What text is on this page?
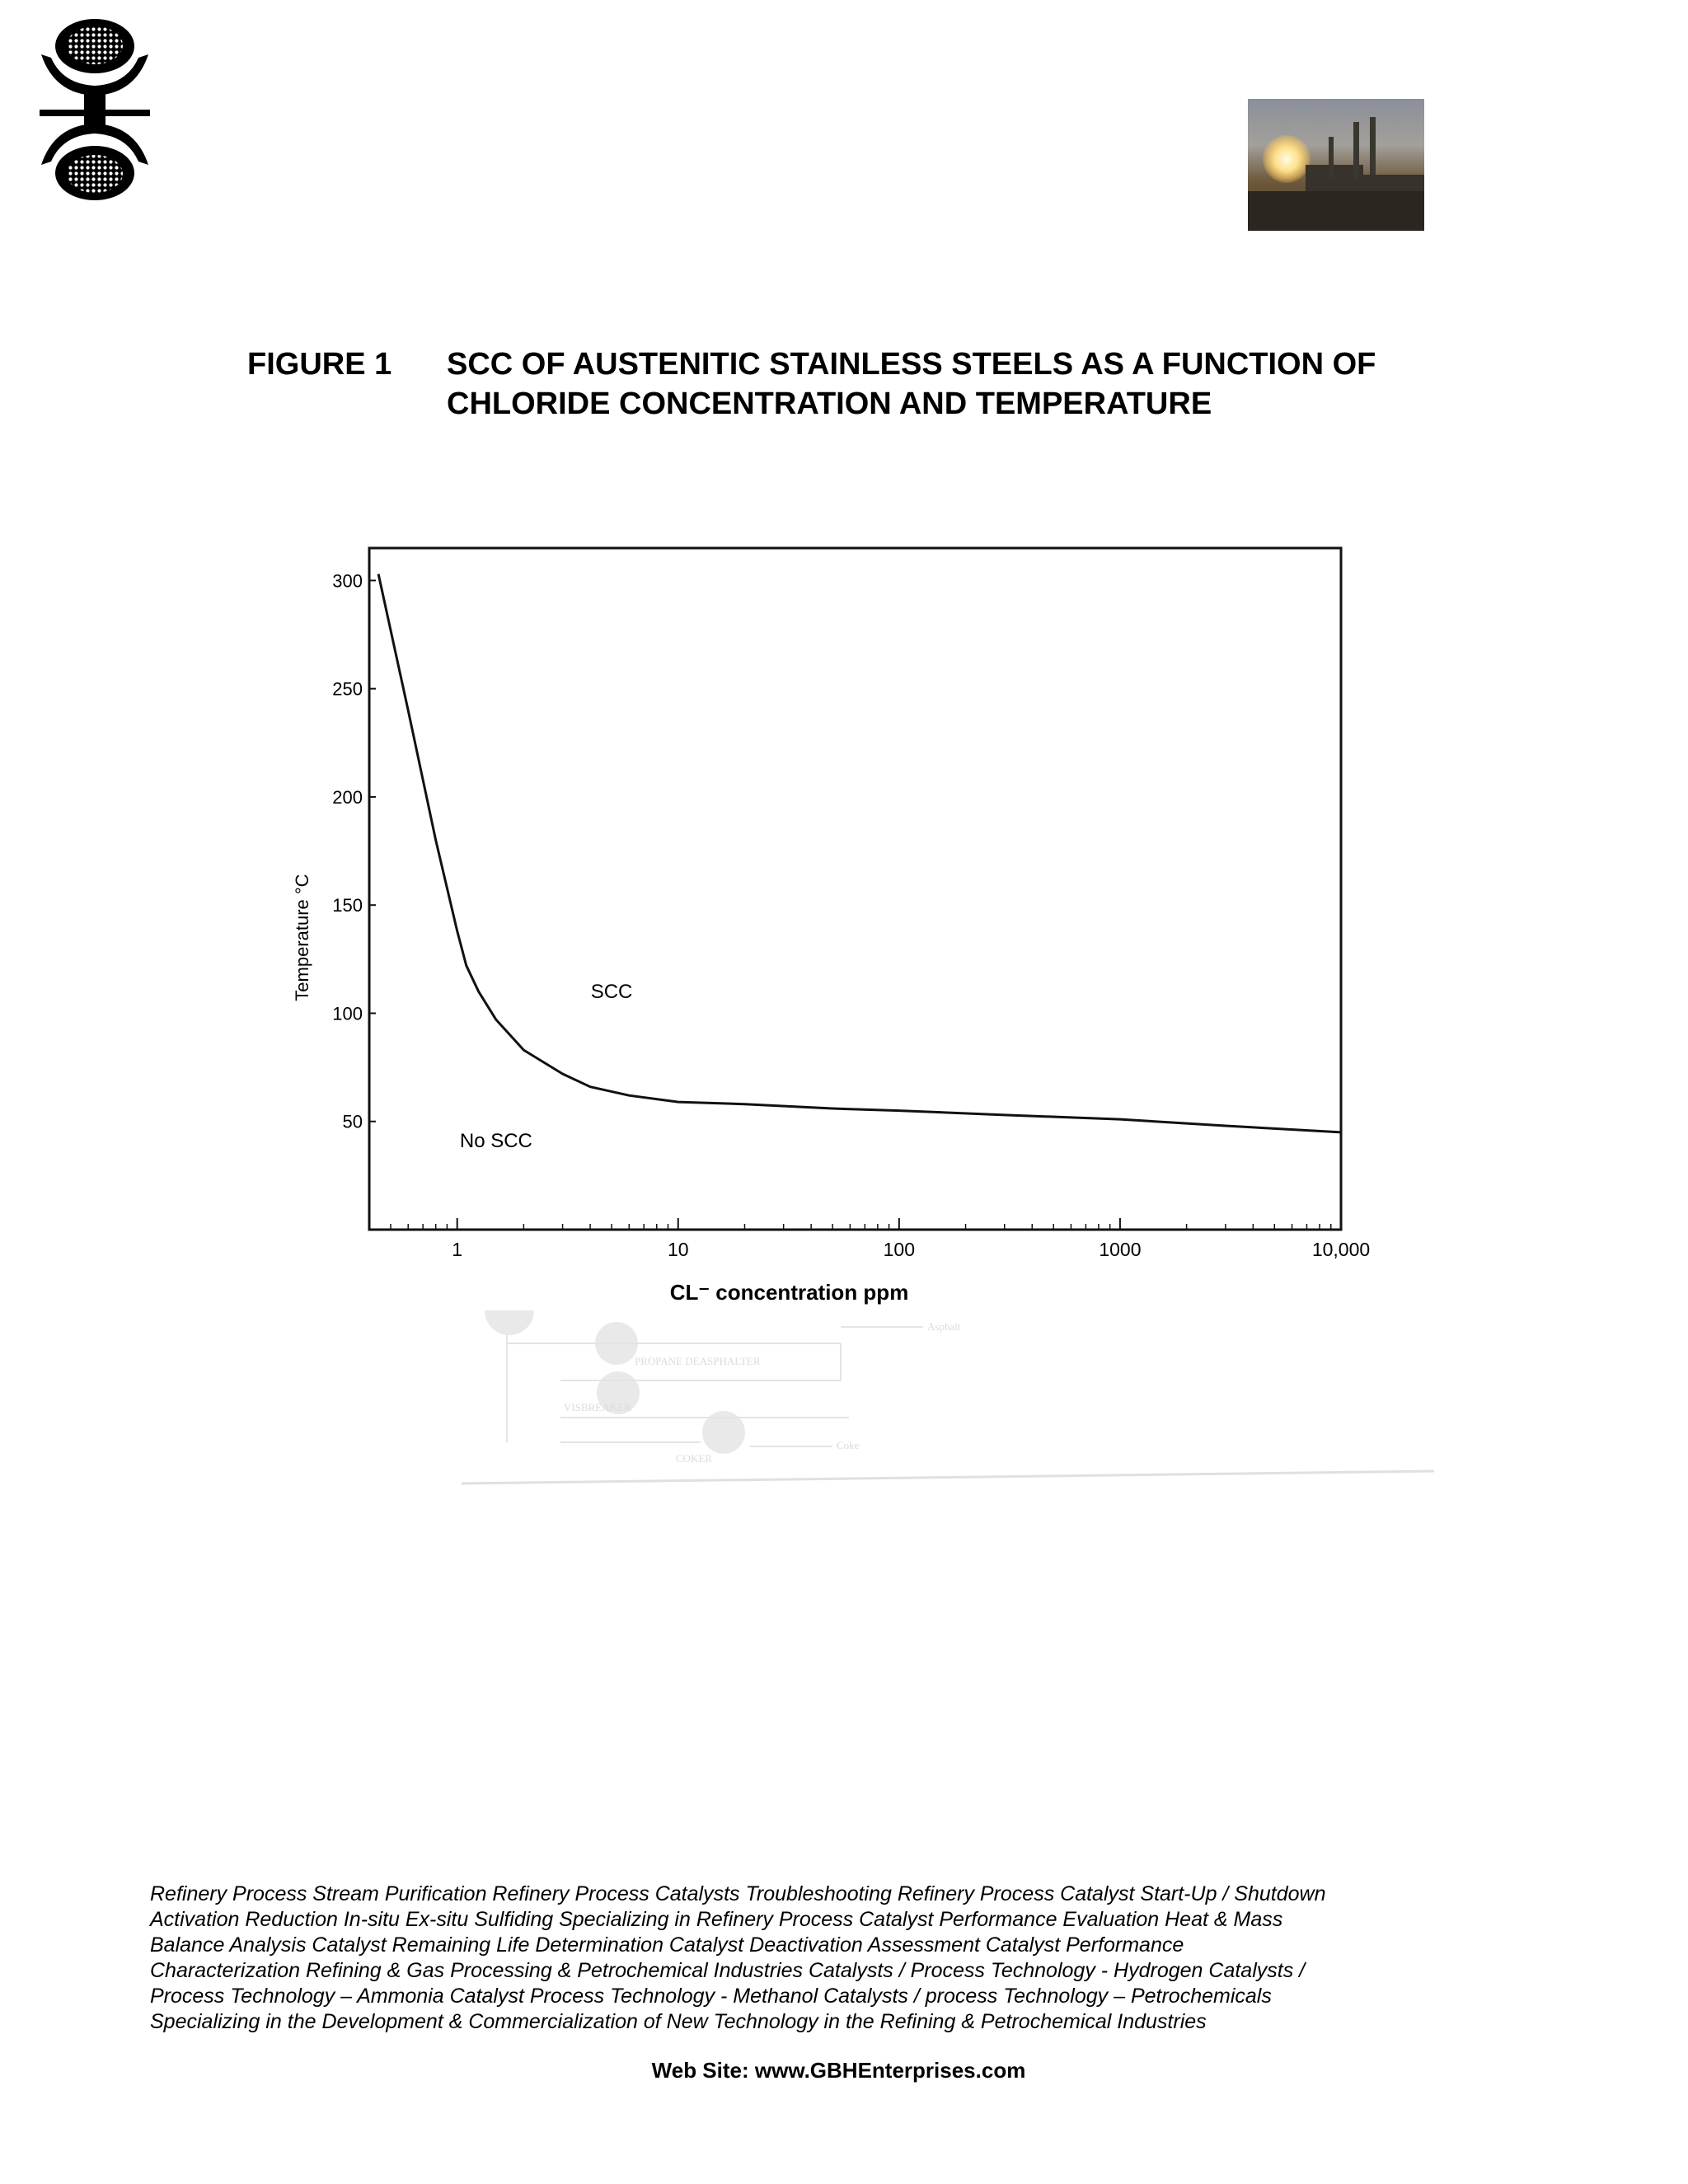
FIGURE 1 SCC OF AUSTENITIC STAINLESS STEELS AS A FUNCTION OF CHLORIDE CONCENTRATION AND TEMPERATURE
50
100
150
200
250
300
1	10	100	1000	10,000
CL⁻ concentration ppm
Temperature °C	SCC
No SCC
PROPANE DEASPHALTER
VISBREAKER
COKER
Asphalt
Coke
Refinery Process Stream Purification Refinery Process Catalysts Troubleshooting Refinery Process Catalyst Start-Up / Shutdown
Activation Reduction In-situ Ex-situ Sulfiding Specializing in Refinery Process Catalyst Performance Evaluation Heat & Mass
Balance Analysis Catalyst Remaining Life Determination Catalyst Deactivation Assessment Catalyst Performance
Characterization Refining & Gas Processing & Petrochemical Industries Catalysts / Process Technology - Hydrogen Catalysts /
Process Technology – Ammonia Catalyst Process Technology - Methanol Catalysts / process Technology – Petrochemicals
Specializing in the Development & Commercialization of New Technology in the Refining & Petrochemical Industries
Web Site: www.GBHEnterprises.com
